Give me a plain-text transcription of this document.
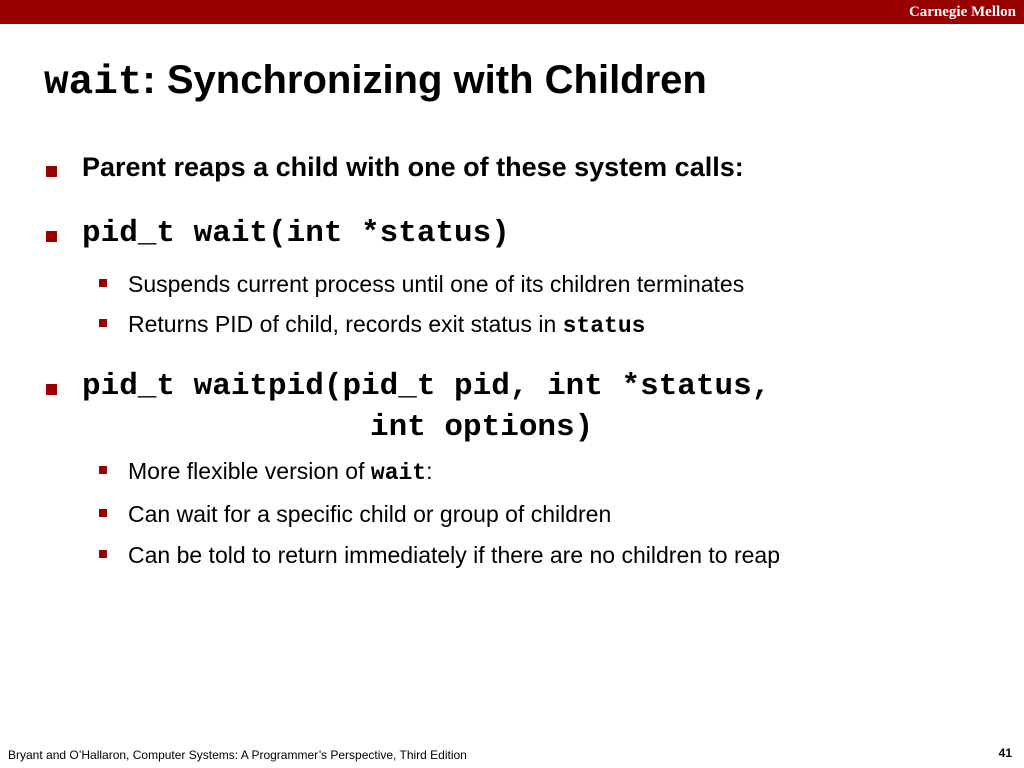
Carnegie Mellon
wait: Synchronizing with Children
Parent reaps a child with one of these system calls:
pid_t wait(int *status)
Suspends current process until one of its children terminates
Returns PID of child, records exit status in status
pid_t waitpid(pid_t pid, int *status,
int options)
More flexible version of wait:
Can wait for a specific child or group of children
Can be told to return immediately if there are no children to reap
Bryant and O’Hallaron, Computer Systems: A Programmer’s Perspective, Third Edition	41
